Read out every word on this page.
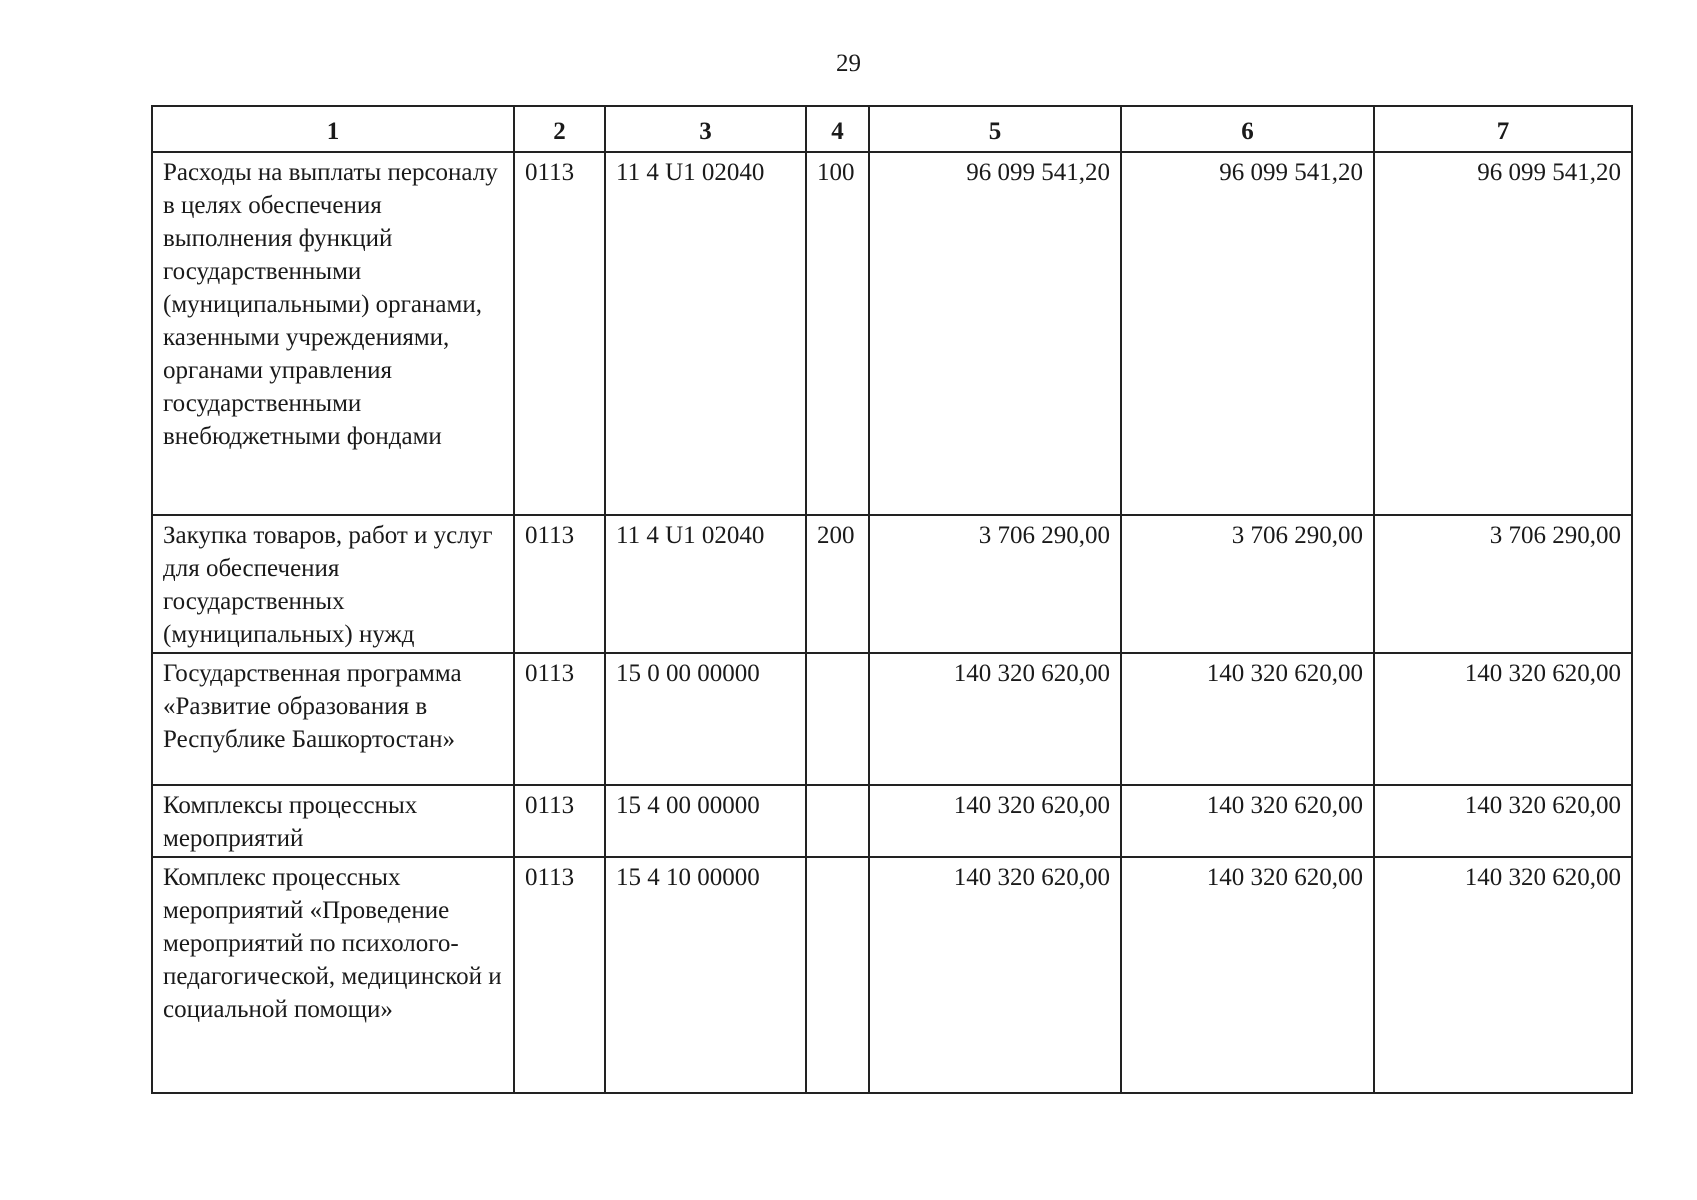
29
1	2	3	4	5	6	7
Расходы на выплаты персоналу в целях обеспечения выполнения функций государственными (муниципальными) органами, казенными учреждениями, органами управления государственными внебюджетными фондами	0113	11 4 U1 02040	100	96 099 541,20	96 099 541,20	96 099 541,20
Закупка товаров, работ и услуг для обеспечения государственных (муниципальных) нужд	0113	11 4 U1 02040	200	3 706 290,00	3 706 290,00	3 706 290,00
Государственная программа «Развитие образования в Республике Башкортостан»	0113	15 0 00 00000		140 320 620,00	140 320 620,00	140 320 620,00
Комплексы процессных мероприятий	0113	15 4 00 00000		140 320 620,00	140 320 620,00	140 320 620,00
Комплекс процессных мероприятий «Проведение мероприятий по психолого-педагогической, медицинской и социальной помощи»	0113	15 4 10 00000		140 320 620,00	140 320 620,00	140 320 620,00
